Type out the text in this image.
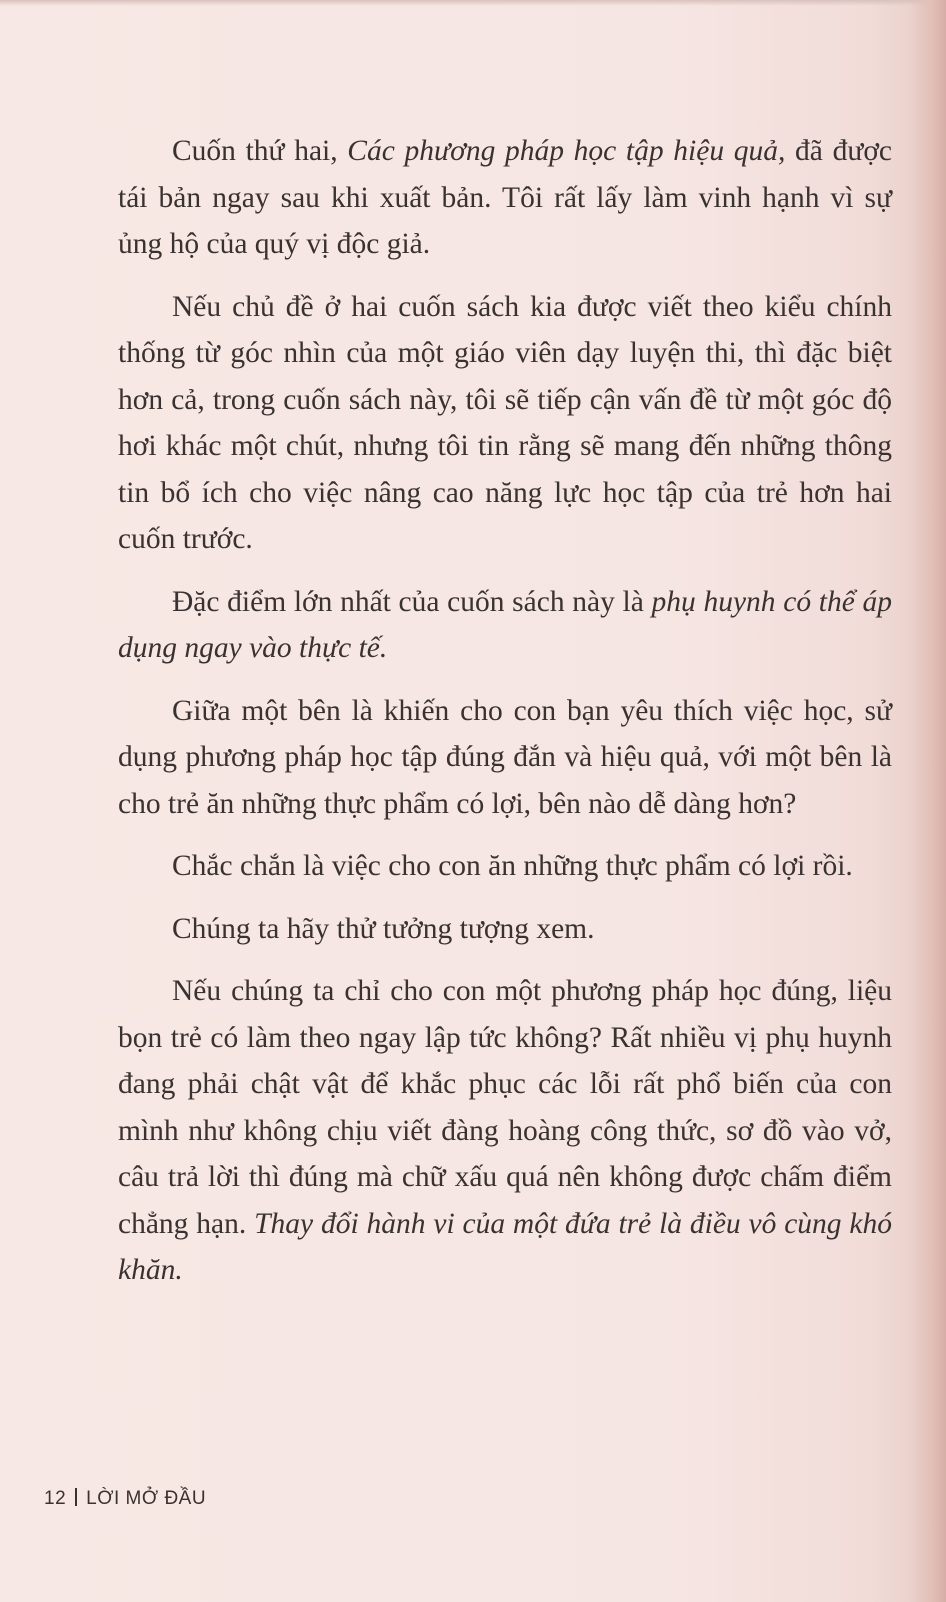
Cuốn thứ hai, Các phương pháp học tập hiệu quả, đã được tái bản ngay sau khi xuất bản. Tôi rất lấy làm vinh hạnh vì sự ủng hộ của quý vị độc giả.

Nếu chủ đề ở hai cuốn sách kia được viết theo kiểu chính thống từ góc nhìn của một giáo viên dạy luyện thi, thì đặc biệt hơn cả, trong cuốn sách này, tôi sẽ tiếp cận vấn đề từ một góc độ hơi khác một chút, nhưng tôi tin rằng sẽ mang đến những thông tin bổ ích cho việc nâng cao năng lực học tập của trẻ hơn hai cuốn trước.

Đặc điểm lớn nhất của cuốn sách này là phụ huynh có thể áp dụng ngay vào thực tế.

Giữa một bên là khiến cho con bạn yêu thích việc học, sử dụng phương pháp học tập đúng đắn và hiệu quả, với một bên là cho trẻ ăn những thực phẩm có lợi, bên nào dễ dàng hơn?

Chắc chắn là việc cho con ăn những thực phẩm có lợi rồi.

Chúng ta hãy thử tưởng tượng xem.

Nếu chúng ta chỉ cho con một phương pháp học đúng, liệu bọn trẻ có làm theo ngay lập tức không? Rất nhiều vị phụ huynh đang phải chật vật để khắc phục các lỗi rất phổ biến của con mình như không chịu viết đàng hoàng công thức, sơ đồ vào vở, câu trả lời thì đúng mà chữ xấu quá nên không được chấm điểm chẳng hạn. Thay đổi hành vi của một đứa trẻ là điều vô cùng khó khăn.

12 LỜI MỞ ĐẦU
